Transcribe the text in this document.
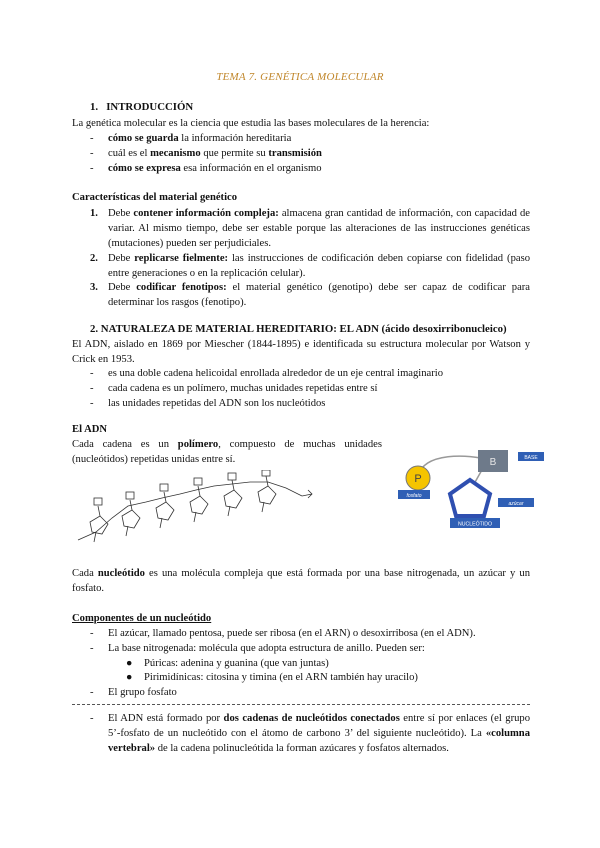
TEMA 7. GENÉTICA MOLECULAR
1. INTRODUCCIÓN
La genética molecular es la ciencia que estudia las bases moleculares de la herencia:
- cómo se guarda la información hereditaria
- cuál es el mecanismo que permite su transmisión
- cómo se expresa esa información en el organismo
Características del material genético
1. Debe contener información compleja: almacena gran cantidad de información, con capacidad de variar. Al mismo tiempo, debe ser estable porque las alteraciones de las instrucciones genéticas (mutaciones) pueden ser perjudiciales.
2. Debe replicarse fielmente: las instrucciones de codificación deben copiarse con fidelidad (paso entre generaciones o en la replicación celular).
3. Debe codificar fenotipos: el material genético (genotipo) debe ser capaz de codificar para determinar los rasgos (fenotipo).
2. NATURALEZA DE MATERIAL HEREDITARIO: EL ADN (ácido desoxirribonucleico)
El ADN, aislado en 1869 por Miescher (1844-1895) e identificada su estructura molecular por Watson y Crick en 1953.
- es una doble cadena helicoidal enrollada alrededor de un eje central imaginario
- cada cadena es un polímero, muchas unidades repetidas entre sí
- las unidades repetidas del ADN son los nucleótidos
El ADN
Cada cadena es un polímero, compuesto de muchas unidades (nucleótidos) repetidas unidas entre sí.
P
B	BASE
fosfato
azúcar
NUCLEÓTIDO
Cada nucleótido es una molécula compleja que está formada por una base nitrogenada, un azúcar y un fosfato.
Componentes de un nucleótido
- El azúcar, llamado pentosa, puede ser ribosa (en el ARN) o desoxirribosa (en el ADN).
- La base nitrogenada: molécula que adopta estructura de anillo. Pueden ser:
● Púricas: adenina y guanina (que van juntas)
● Pirimidínicas: citosina y timina (en el ARN también hay uracilo)
- El grupo fosfato
- El ADN está formado por dos cadenas de nucleótidos conectados entre sí por enlaces (el grupo 5’-fosfato de un nucleótido con el átomo de carbono 3’ del siguiente nucleótido). La «columna vertebral» de la cadena polinucleótida la forman azúcares y fosfatos alternados.
